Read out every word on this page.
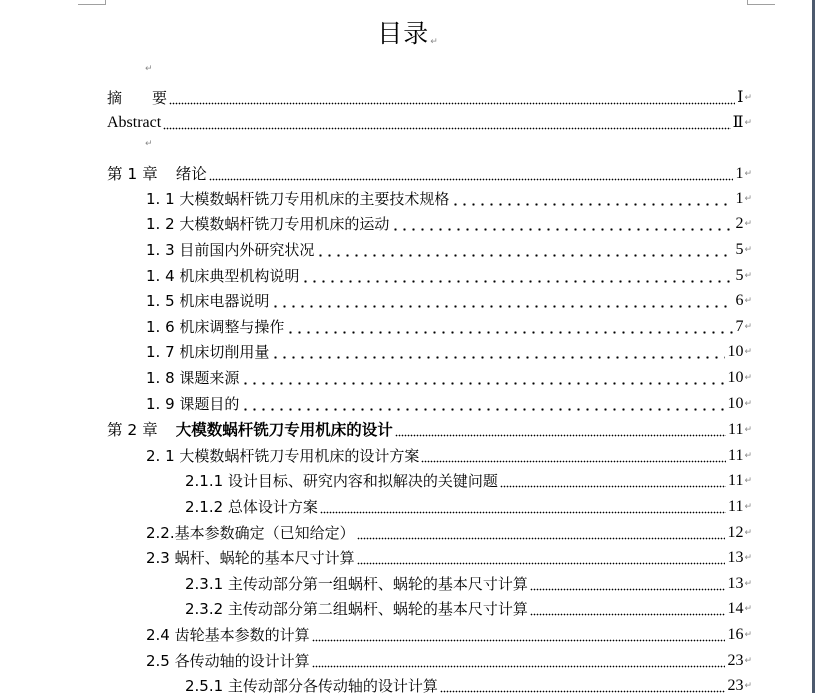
目录↵
↵
↵
摘　　要	Ⅰ ↵
Abstract	Ⅱ ↵
第 1 章 绪论	1 ↵
1. 1 大模数蜗杆铣刀专用机床的主要技术规格	1 ↵
1. 2 大模数蜗杆铣刀专用机床的运动	2 ↵
1. 3 目前国内外研究状况	5 ↵
1. 4 机床典型机构说明	5 ↵
1. 5 机床电器说明	6 ↵
1. 6 机床调整与操作	7 ↵
1. 7 机床切削用量	10 ↵
1. 8 课题来源	10 ↵
1. 9 课题目的	10 ↵
第 2 章 大模数蜗杆铣刀专用机床的设计	11 ↵
2. 1 大模数蜗杆铣刀专用机床的设计方案	11 ↵
2.1.1 设计目标、研究内容和拟解决的关键问题	11 ↵
2.1.2 总体设计方案	11 ↵
2.2.基本参数确定（已知给定）	12 ↵
2.3 蜗杆、蜗轮的基本尺寸计算	13 ↵
2.3.1 主传动部分第一组蜗杆、蜗轮的基本尺寸计算	13 ↵
2.3.2 主传动部分第二组蜗杆、蜗轮的基本尺寸计算	14 ↵
2.4 齿轮基本参数的计算	16 ↵
2.5 各传动轴的设计计算	23 ↵
2.5.1 主传动部分各传动轴的设计计算	23 ↵
